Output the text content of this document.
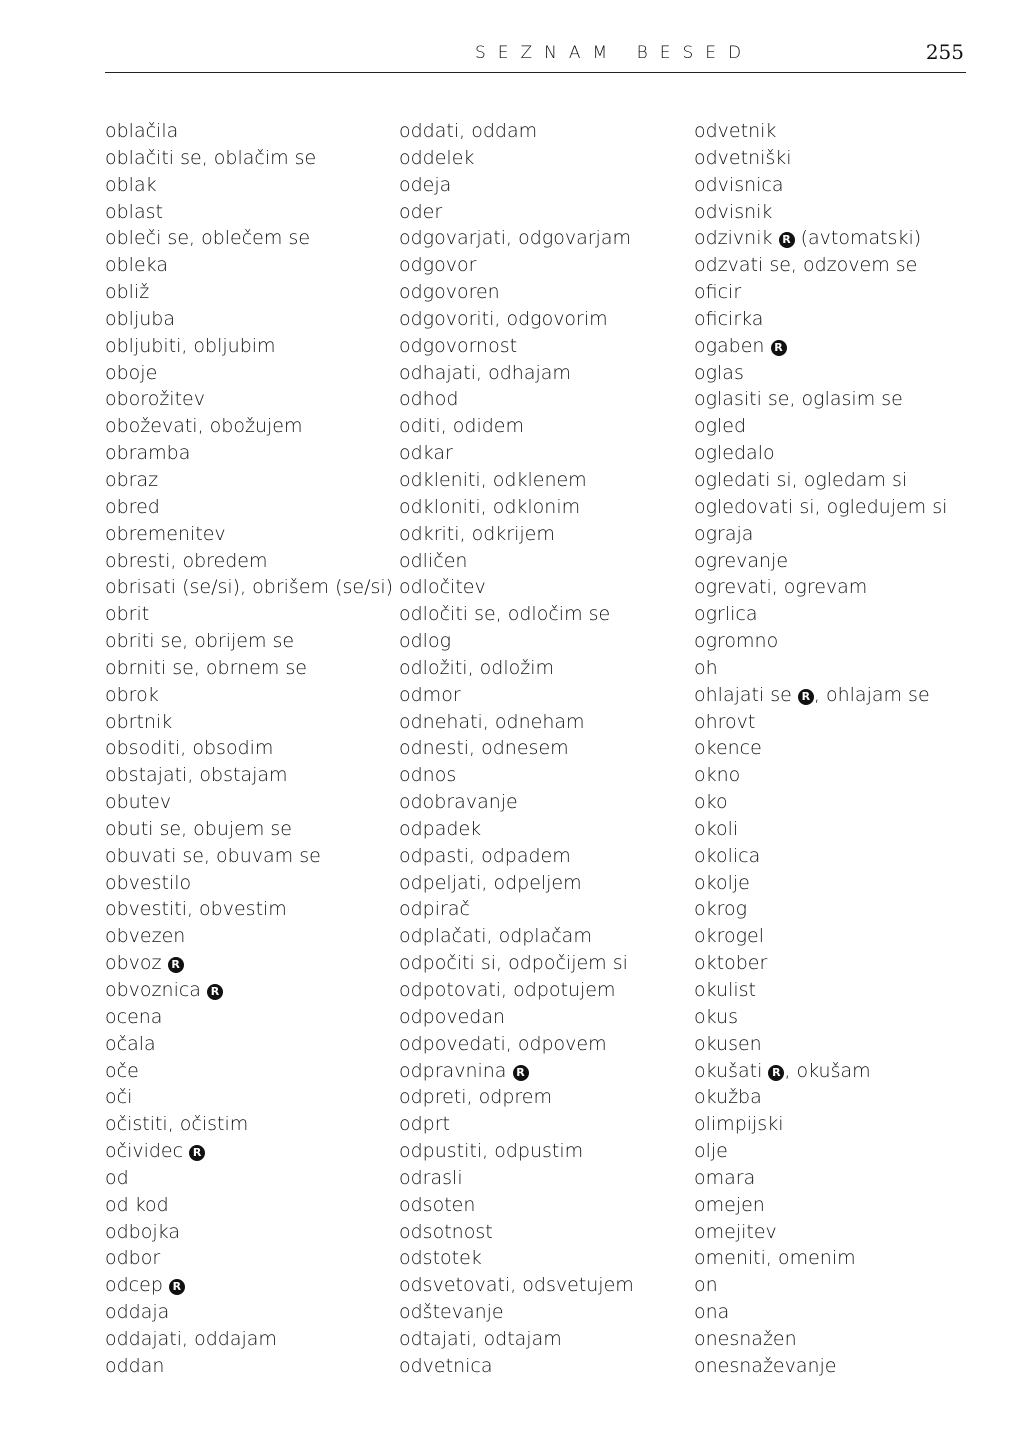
SEZNAM BESED	255
oblačila
oblačiti se, oblačim se
oblak
oblast
obleči se, oblečem se
obleka
obliž
obljuba
obljubiti, obljubim
oboje
oborožitev
oboževati, obožujem
obramba
obraz
obred
obremenitev
obresti, obredem
obrisati (se/si), obrišem (se/si)
obrit
obriti se, obrijem se
obrniti se, obrnem se
obrok
obrtnik
obsoditi, obsodim
obstajati, obstajam
obutev
obuti se, obujem se
obuvati se, obuvam se
obvestilo
obvestiti, obvestim
obvezen
obvoz R
obvoznica R
ocena
očala
oče
oči
očistiti, očistim
očividec R
od
od kod
odbojka
odbor
odcep R
oddaja
oddajati, oddajam
oddan
oddati, oddam
oddelek
odeja
oder
odgovarjati, odgovarjam
odgovor
odgovoren
odgovoriti, odgovorim
odgovornost
odhajati, odhajam
odhod
oditi, odidem
odkar
odkleniti, odklenem
odkloniti, odklonim
odkriti, odkrijem
odličen
odločitev
odločiti se, odločim se
odlog
odložiti, odložim
odmor
odnehati, odneham
odnesti, odnesem
odnos
odobravanje
odpadek
odpasti, odpadem
odpeljati, odpeljem
odpirač
odplačati, odplačam
odpočiti si, odpočijem si
odpotovati, odpotujem
odpovedan
odpovedati, odpovem
odpravnina R
odpreti, odprem
odprt
odpustiti, odpustim
odrasli
odsoten
odsotnost
odstotek
odsvetovati, odsvetujem
odštevanje
odtajati, odtajam
odvetnica
odvetnik
odvetniški
odvisnica
odvisnik
odzivnik R (avtomatski)
odzvati se, odzovem se
oficir
oficirka
ogaben R
oglas
oglasiti se, oglasim se
ogled
ogledalo
ogledati si, ogledam si
ogledovati si, ogledujem si
ograja
ogrevanje
ogrevati, ogrevam
ogrlica
ogromno
oh
ohlajati se R , ohlajam se
ohrovt
okence
okno
oko
okoli
okolica
okolje
okrog
okrogel
oktober
okulist
okus
okusen
okušati R , okušam
okužba
olimpijski
olje
omara
omejen
omejitev
omeniti, omenim
on
ona
onesnažen
onesnaževanje
